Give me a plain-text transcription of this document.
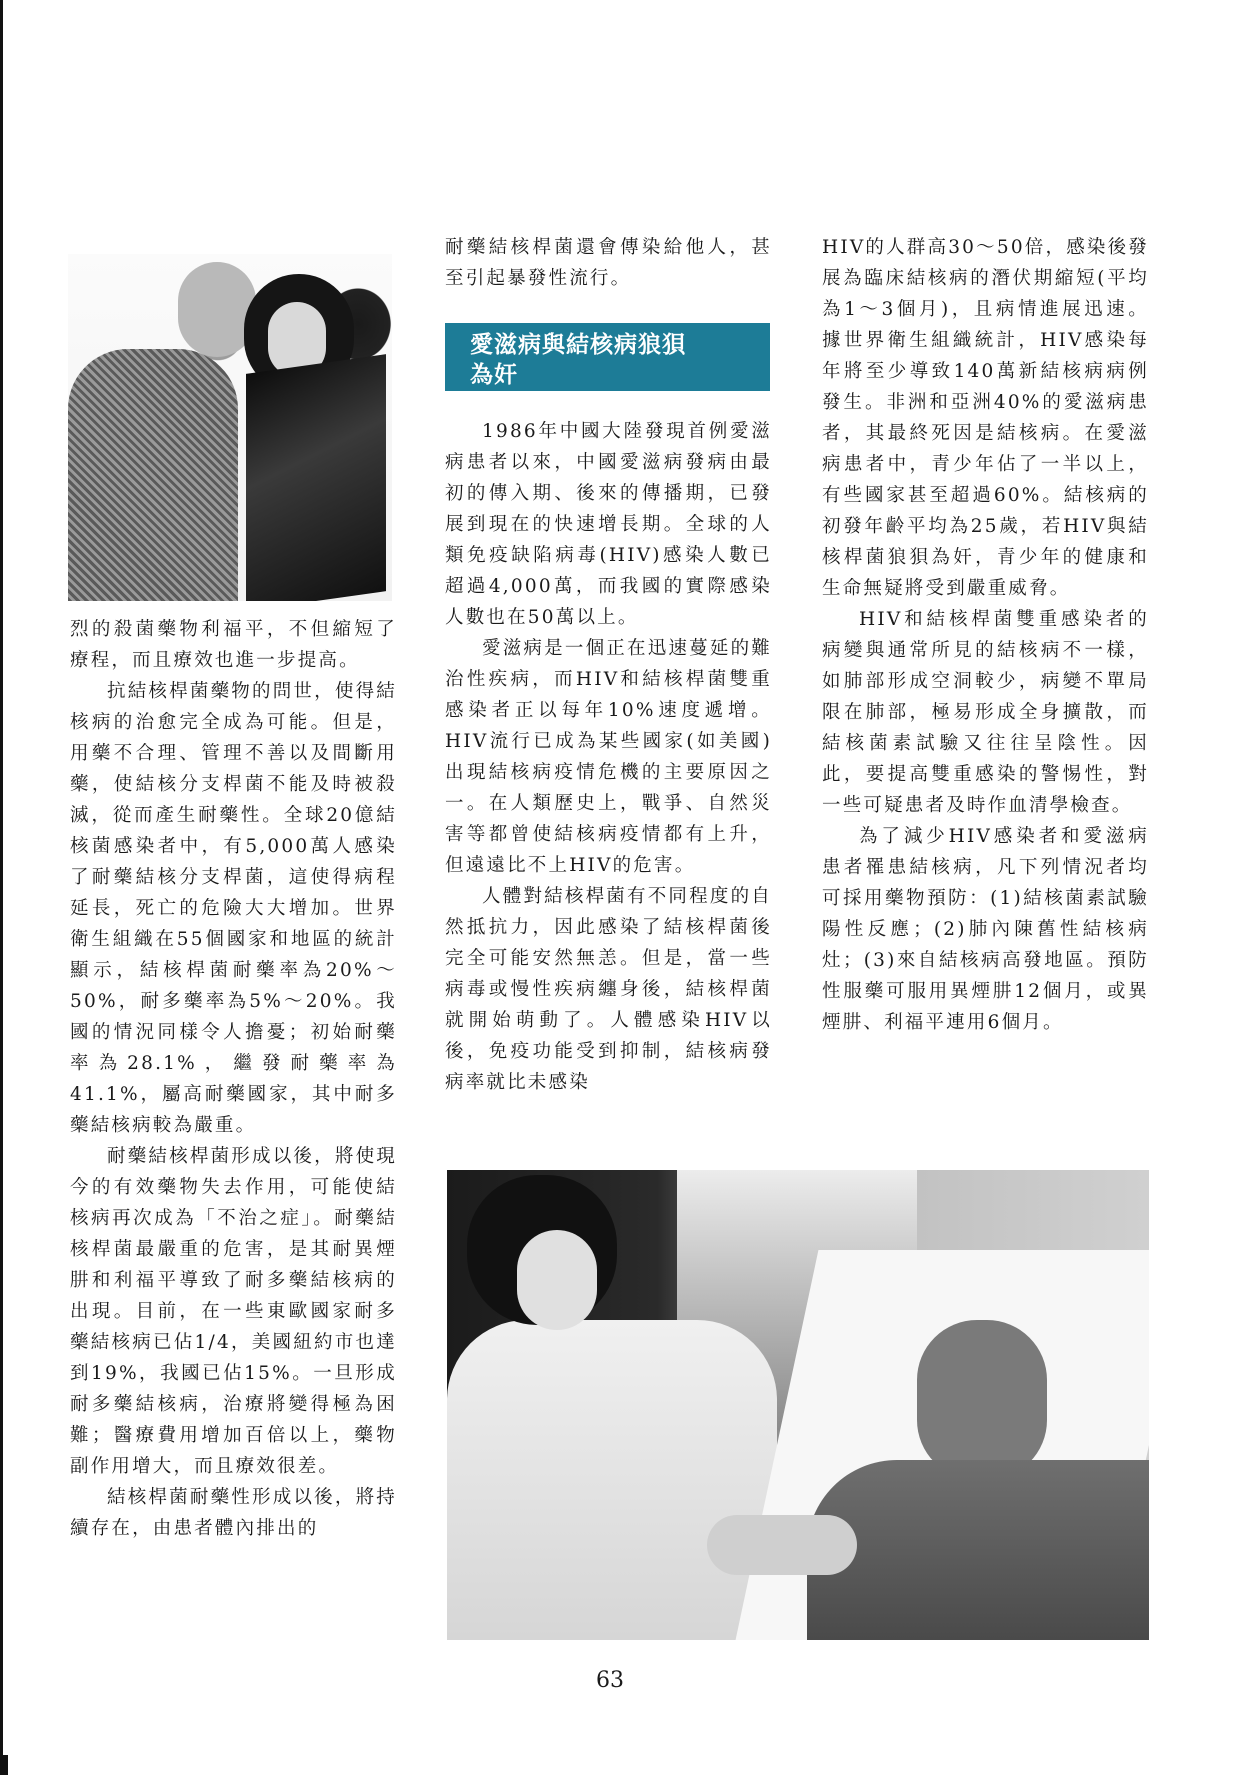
烈的殺菌藥物利福平，不但縮短了療程，而且療效也進一步提高。

抗結核桿菌藥物的問世，使得結核病的治愈完全成為可能。但是，用藥不合理、管理不善以及間斷用藥，使結核分支桿菌不能及時被殺滅，從而產生耐藥性。全球20億結核菌感染者中，有5,000萬人感染了耐藥結核分支桿菌，這使得病程延長，死亡的危險大大增加。世界衛生組織在55個國家和地區的統計顯示，結核桿菌耐藥率為20%～50%，耐多藥率為5%～20%。我國的情況同樣令人擔憂；初始耐藥率為28.1%，繼發耐藥率為41.1%，屬高耐藥國家，其中耐多藥結核病較為嚴重。

耐藥結核桿菌形成以後，將使現今的有效藥物失去作用，可能使結核病再次成為「不治之症」。耐藥結核桿菌最嚴重的危害，是其耐異煙肼和利福平導致了耐多藥結核病的出現。目前，在一些東歐國家耐多藥結核病已佔1/4，美國紐約市也達到19%，我國已佔15%。一旦形成耐多藥結核病，治療將變得極為困難；醫療費用增加百倍以上，藥物副作用增大，而且療效很差。

結核桿菌耐藥性形成以後，將持續存在，由患者體內排出的

耐藥結核桿菌還會傳染給他人，甚至引起暴發性流行。

愛滋病與結核病狼狽
為奸

1986年中國大陸發現首例愛滋病患者以來，中國愛滋病發病由最初的傳入期、後來的傳播期，已發展到現在的快速增長期。全球的人類免疫缺陷病毒(HIV)感染人數已超過4,000萬，而我國的實際感染人數也在50萬以上。

愛滋病是一個正在迅速蔓延的難治性疾病，而HIV和結核桿菌雙重感染者正以每年10%速度遞增。HIV流行已成為某些國家(如美國)出現結核病疫情危機的主要原因之一。在人類歷史上，戰爭、自然災害等都曾使結核病疫情都有上升，但遠遠比不上HIV的危害。

人體對結核桿菌有不同程度的自然抵抗力，因此感染了結核桿菌後完全可能安然無恙。但是，當一些病毒或慢性疾病纏身後，結核桿菌就開始萌動了。人體感染HIV以後，免疫功能受到抑制，結核病發病率就比未感染

HIV的人群高30～50倍，感染後發展為臨床結核病的潛伏期縮短(平均為1～3個月)，且病情進展迅速。據世界衛生組織統計，HIV感染每年將至少導致140萬新結核病病例發生。非洲和亞洲40%的愛滋病患者，其最終死因是結核病。在愛滋病患者中，青少年佔了一半以上，有些國家甚至超過60%。結核病的初發年齡平均為25歲，若HIV與結核桿菌狼狽為奸，青少年的健康和生命無疑將受到嚴重威脅。

HIV和結核桿菌雙重感染者的病變與通常所見的結核病不一樣，如肺部形成空洞較少，病變不單局限在肺部，極易形成全身擴散，而結核菌素試驗又往往呈陰性。因此，要提高雙重感染的警惕性，對一些可疑患者及時作血清學檢查。

為了減少HIV感染者和愛滋病患者罹患結核病，凡下列情況者均可採用藥物預防：(1)結核菌素試驗陽性反應；(2)肺內陳舊性結核病灶；(3)來自結核病高發地區。預防性服藥可服用異煙肼12個月，或異煙肼、利福平連用6個月。

63
